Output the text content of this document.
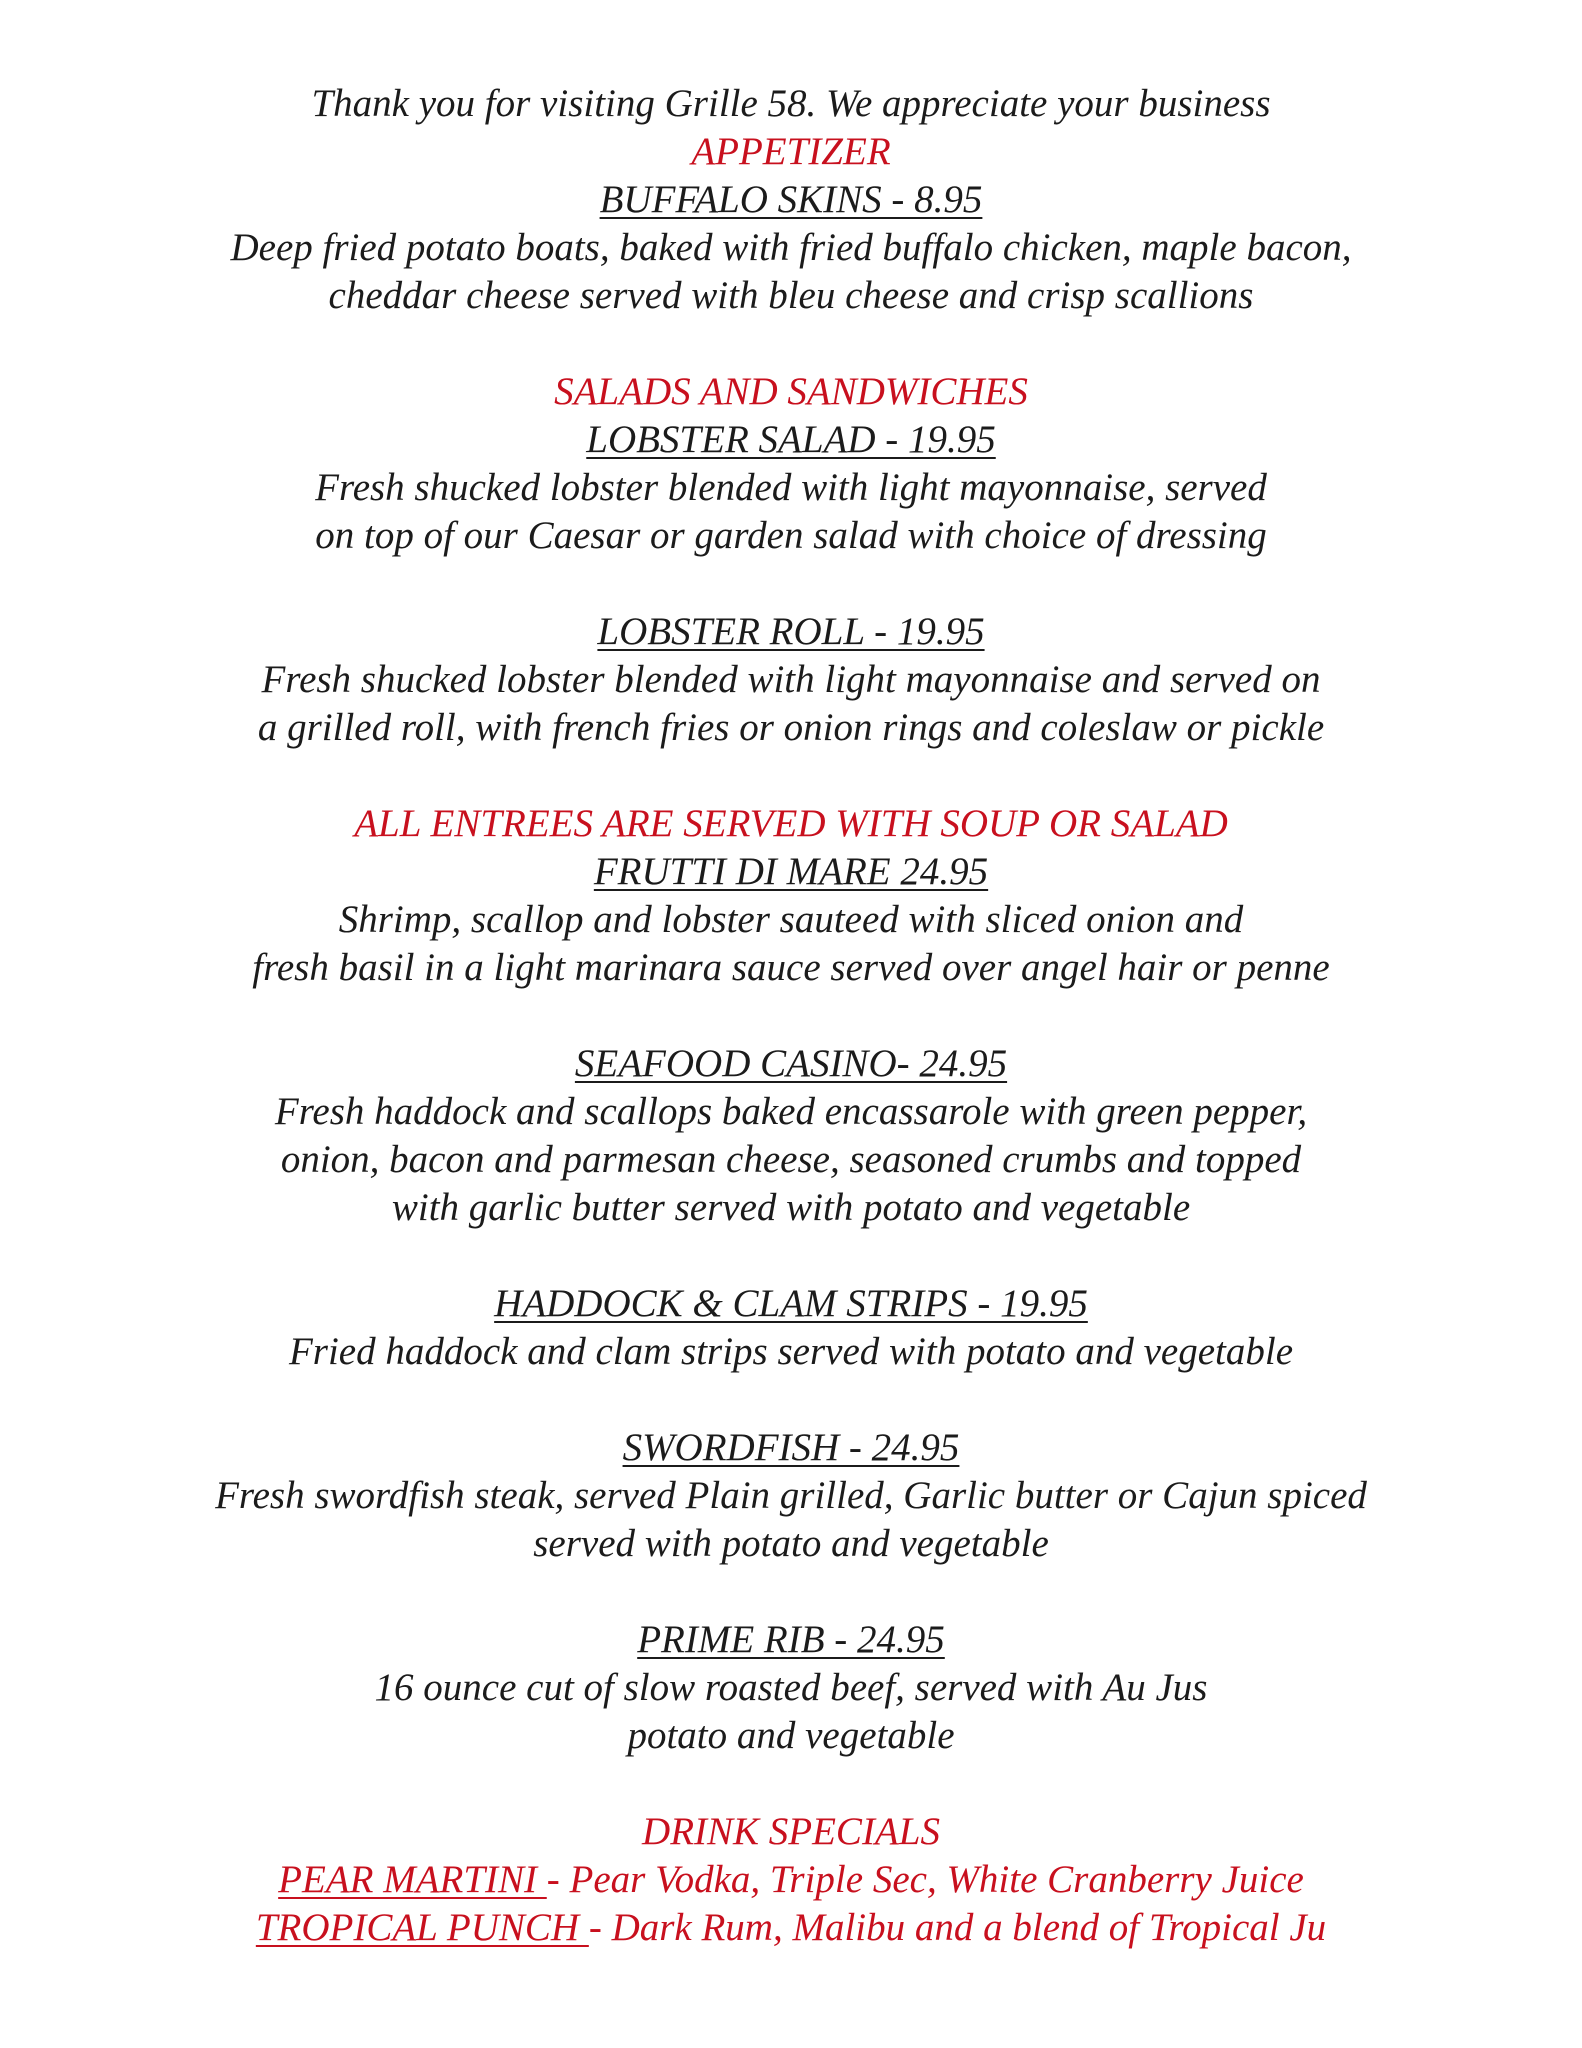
Thank you for visiting Grille 58. We appreciate your business
APPETIZER
BUFFALO SKINS - 8.95
Deep fried potato boats, baked with fried buffalo chicken, maple bacon,
cheddar cheese served with bleu cheese and crisp scallions
SALADS AND SANDWICHES
LOBSTER SALAD - 19.95
Fresh shucked lobster blended with light mayonnaise, served
on top of our Caesar or garden salad with choice of dressing
LOBSTER ROLL - 19.95
Fresh shucked lobster blended with light mayonnaise and served on
a grilled roll, with french fries or onion rings and coleslaw or pickle
ALL ENTREES ARE SERVED WITH SOUP OR SALAD
FRUTTI DI MARE 24.95
Shrimp, scallop and lobster sauteed with sliced onion and
fresh basil in a light marinara sauce served over angel hair or penne
SEAFOOD CASINO- 24.95
Fresh haddock and scallops baked encassarole with green pepper,
onion, bacon and parmesan cheese, seasoned crumbs and topped
with garlic butter served with potato and vegetable
HADDOCK & CLAM STRIPS - 19.95
Fried haddock and clam strips served with potato and vegetable
SWORDFISH - 24.95
Fresh swordfish steak, served Plain grilled, Garlic butter or Cajun spiced
served with potato and vegetable
PRIME RIB - 24.95
16 ounce cut of slow roasted beef, served with Au Jus
potato and vegetable
DRINK SPECIALS
PEAR MARTINI - Pear Vodka, Triple Sec, White Cranberry Juice
TROPICAL PUNCH - Dark Rum, Malibu and a blend of Tropical Ju
